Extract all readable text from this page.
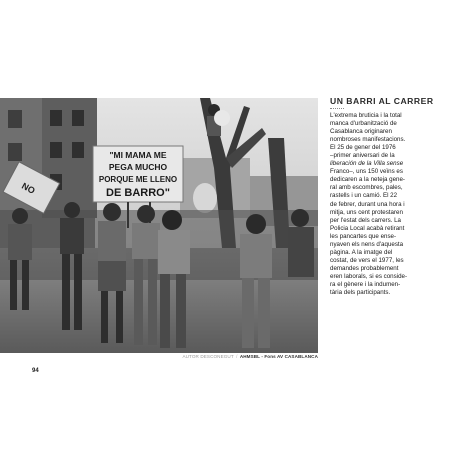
"MI MAMA ME
PEGA MUCHO
PORQUE ME LLENO
DE BARRO"
NO
AUTOR DESCONEGUT / AHMSBL - Fons AV CASABLANCA
UN BARRI AL CARRER

L'extrema bruticia i la total
manca d'urbanització de
Casablanca originaren
nombroses manifestacions.
El 25 de gener del 1976
–primer aniversari de la
liberación de la Villa sense
Franco–, uns 150 veïns es
dedicaren a la neteja gene-
ral amb escombres, pales,
rastells i un camió. El 22
de febrer, durant una hora i
mitja, uns cent protestaren
per l'estat dels carrers. La
Policia Local acabà retirant
les pancartes que ense-
nyaven els nens d'aquesta
pàgina. A la imatge del
costat, de vers el 1977, les
demandes probablement
eren laborals, si es conside-
ra el gènere i la indumen-
tària dels participants.

94
